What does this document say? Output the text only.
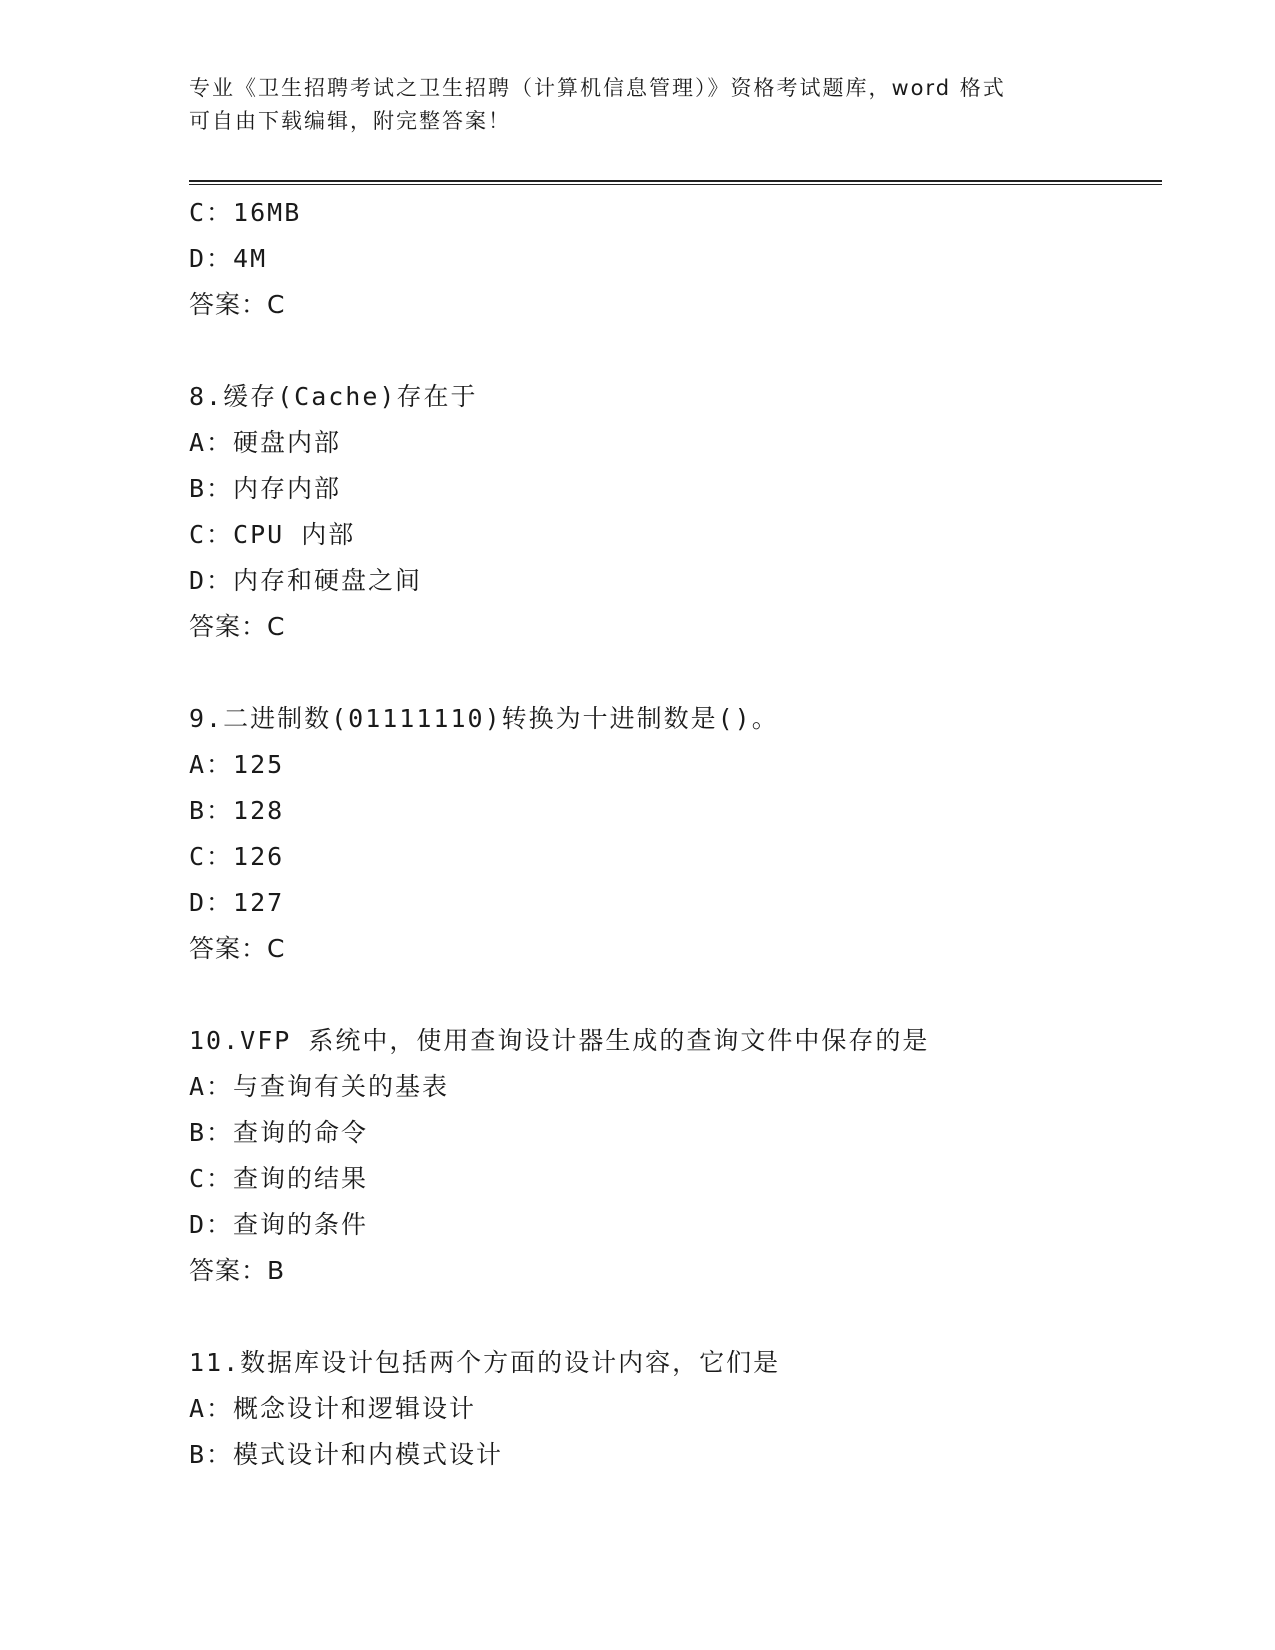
专业《卫生招聘考试之卫生招聘（计算机信息管理）》资格考试题库，word 格式
可自由下载编辑，附完整答案！
C：16MB
D：4M
答案：C
8.缓存(Cache)存在于
A：硬盘内部
B：内存内部
C：CPU 内部
D：内存和硬盘之间
答案：C
9.二进制数(01111110)转换为十进制数是()。
A：125
B：128
C：126
D：127
答案：C
10.VFP 系统中，使用查询设计器生成的查询文件中保存的是
A：与查询有关的基表
B：查询的命令
C：查询的结果
D：查询的条件
答案：B
11.数据库设计包括两个方面的设计内容，它们是
A：概念设计和逻辑设计
B：模式设计和内模式设计
